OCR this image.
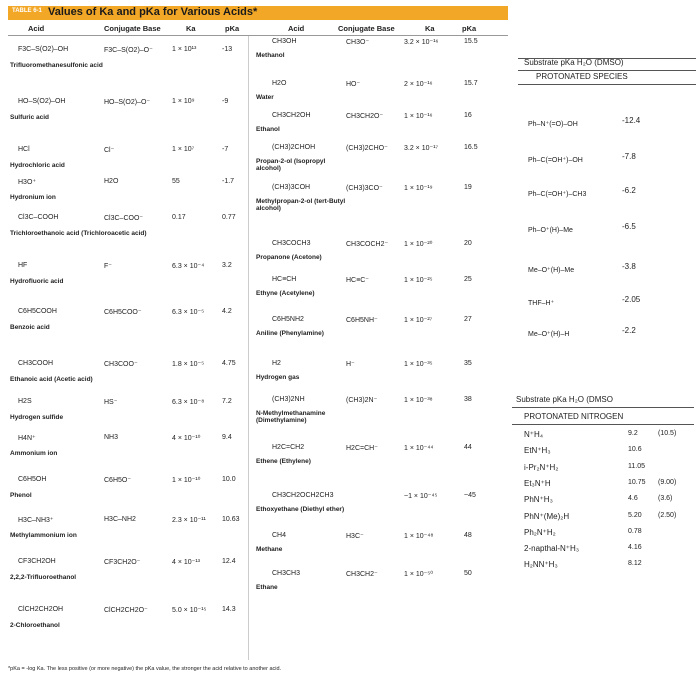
TABLE 6-1 Values of Ka and pKa for Various Acids*
Acid	Conjugate Base	Ka	pKa	Acid	Conjugate Base	Ka	pKa
F3C–S(O2)–OH
Trifluoromethanesulfonic acid
F3C–S(O2)–O⁻	1 × 10¹³	-13
HO–S(O2)–OH
Sulfuric acid
HO–S(O2)–O⁻	1 × 10⁹	-9
HCl
Hydrochloric acid
Cl⁻	1 × 10⁷	-7
H3O⁺
Hydronium ion
H2O	55	-1.7
Cl3C–COOH
Trichloroethanoic acid (Trichloroacetic acid)
Cl3C–COO⁻	0.17	0.77
HF
Hydrofluoric acid
F⁻	6.3 × 10⁻⁴	3.2
C6H5COOH
Benzoic acid
C6H5COO⁻	6.3 × 10⁻⁵	4.2
CH3COOH
Ethanoic acid (Acetic acid)
CH3COO⁻	1.8 × 10⁻⁵	4.75
H2S
Hydrogen sulfide
HS⁻	6.3 × 10⁻⁸	7.2
H4N⁺
Ammonium ion
NH3	4 × 10⁻¹⁰	9.4
C6H5OH
Phenol
C6H5O⁻	1 × 10⁻¹⁰	10.0
H3C–NH3⁺
Methylammonium ion
H3C–NH2	2.3 × 10⁻¹¹ 10.63
CF3CH2OH
2,2,2-Trifluoroethanol
CF3CH2O⁻	4 × 10⁻¹³	12.4
ClCH2CH2OH
2-Chloroethanol
ClCH2CH2O⁻	5.0 × 10⁻¹⁵ 14.3
CH3OH
Methanol
CH3O⁻	3.2 × 10⁻¹⁶	15.5
H2O
Water
HO⁻	2 × 10⁻¹⁶	15.7
CH3CH2OH
Ethanol
CH3CH2O⁻	1 × 10⁻¹⁶	16
(CH3)2CHOH
Propan-2-ol (Isopropyl alcohol)
(CH3)2CHO⁻ 3.2 × 10⁻¹⁷	16.5
(CH3)3COH
Methylpropan-2-ol (tert-Butyl alcohol)
(CH3)3CO⁻	1 × 10⁻¹⁹	19
CH3COCH3
Propanone (Acetone)
CH3COCH2⁻ 1 × 10⁻²⁰	20
HC≡CH
Ethyne (Acetylene)
HC≡C⁻	1 × 10⁻²⁵	25
C6H5NH2
Aniline (Phenylamine)
C6H5NH⁻	1 × 10⁻²⁷	27
H2
Hydrogen gas
H⁻	1 × 10⁻³⁵	35
(CH3)2NH
N-Methylmethanamine (Dimethylamine)
(CH3)2N⁻	1 × 10⁻³⁸	38
H2C=CH2
Ethene (Ethylene)
H2C=CH⁻	1 × 10⁻⁴⁴	44
CH3CH2OCH2CH3
Ethoxyethane (Diethyl ether)
~1 × 10⁻⁴⁵	~45
CH4
Methane
H3C⁻	1 × 10⁻⁴⁸	48
CH3CH3
Ethane
CH3CH2⁻	1 × 10⁻⁵⁰	50
*pKa = -log Ka. The less positive (or more negative) the pKa value, the stronger the acid relative to another acid.
Substrate pKa H₂O (DMSO)
PROTONATED SPECIES
Ph–N⁺(=O)–OH	-12.4
Ph–C(=OH⁺)–OH	-7.8
Ph–C(=OH⁺)–CH3	-6.2
Ph–O⁺(H)–Me	-6.5
Me–O⁺(H)–Me	-3.8
THF–H⁺	-2.05
Me–O⁺(H)–H	-2.2
Substrate pKa H₂O (DMSO
PROTONATED NITROGEN
N⁺H₄	9.2	(10.5)
EtN⁺H₃	10.6
i-Pr₂N⁺H₂	11.05
Et₃N⁺H	10.75 (9.00)
PhN⁺H₃	4.6	(3.6)
PhN⁺(Me)₂H	5.20 (2.50)
Ph₂N⁺H₂	0.78
2-napthal-N⁺H₃	4.16
H₂NN⁺H₃	8.12
